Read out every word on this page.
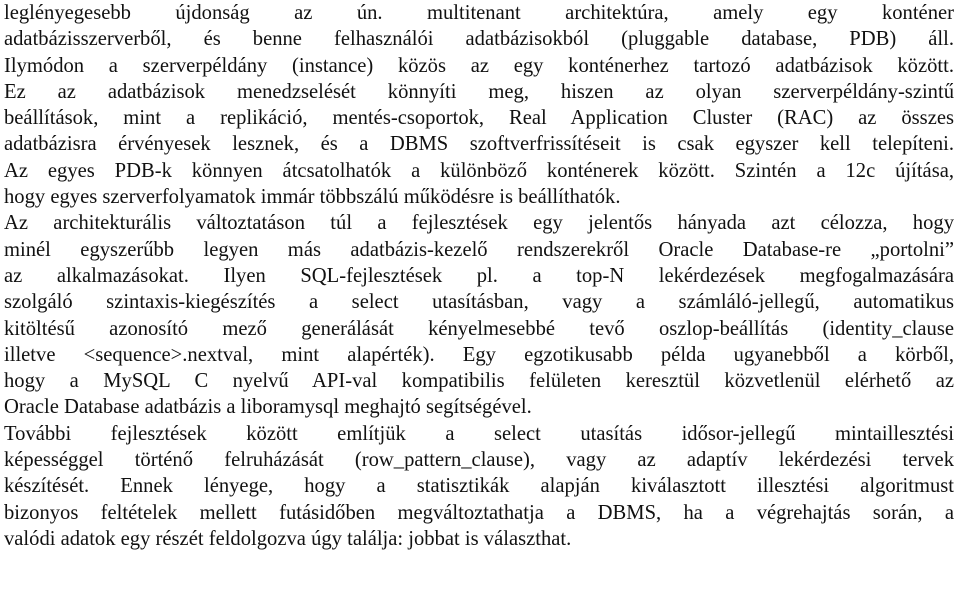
leglényegesebb újdonság az ún. multitenant architektúra, amely egy konténer
adatbázisszerverből, és benne felhasználói adatbázisokból (pluggable database, PDB) áll.
Ilymódon a szerverpéldány (instance) közös az egy konténerhez tartozó adatbázisok között.
Ez az adatbázisok menedzselését könnyíti meg, hiszen az olyan szerverpéldány-szintű
beállítások, mint a replikáció, mentés-csoportok, Real Application Cluster (RAC) az összes
adatbázisra érvényesek lesznek, és a DBMS szoftverfrissítéseit is csak egyszer kell telepíteni.
Az egyes PDB-k könnyen átcsatolhatók a különböző konténerek között. Szintén a 12c újítása,
hogy egyes szerverfolyamatok immár többszálú működésre is beállíthatók.
Az architekturális változtatáson túl a fejlesztések egy jelentős hányada azt célozza, hogy
minél egyszerűbb legyen más adatbázis-kezelő rendszerekről Oracle Database-re „portolni”
az alkalmazásokat. Ilyen SQL-fejlesztések pl. a top-N lekérdezések megfogalmazására
szolgáló szintaxis-kiegészítés a select utasításban, vagy a számláló-jellegű, automatikus
kitöltésű azonosító mező generálását kényelmesebbé tevő oszlop-beállítás (identity_clause
illetve <sequence>.nextval, mint alapérték). Egy egzotikusabb példa ugyanebből a körből,
hogy a MySQL C nyelvű API-val kompatibilis felületen keresztül közvetlenül elérhető az
Oracle Database adatbázis a liboramysql meghajtó segítségével.
További fejlesztések között említjük a select utasítás idősor-jellegű mintaillesztési
képességgel történő felruházását (row_pattern_clause), vagy az adaptív lekérdezési tervek
készítését. Ennek lényege, hogy a statisztikák alapján kiválasztott illesztési algoritmust
bizonyos feltételek mellett futásidőben megváltoztathatja a DBMS, ha a végrehajtás során, a
valódi adatok egy részét feldolgozva úgy találja: jobbat is választhat.
